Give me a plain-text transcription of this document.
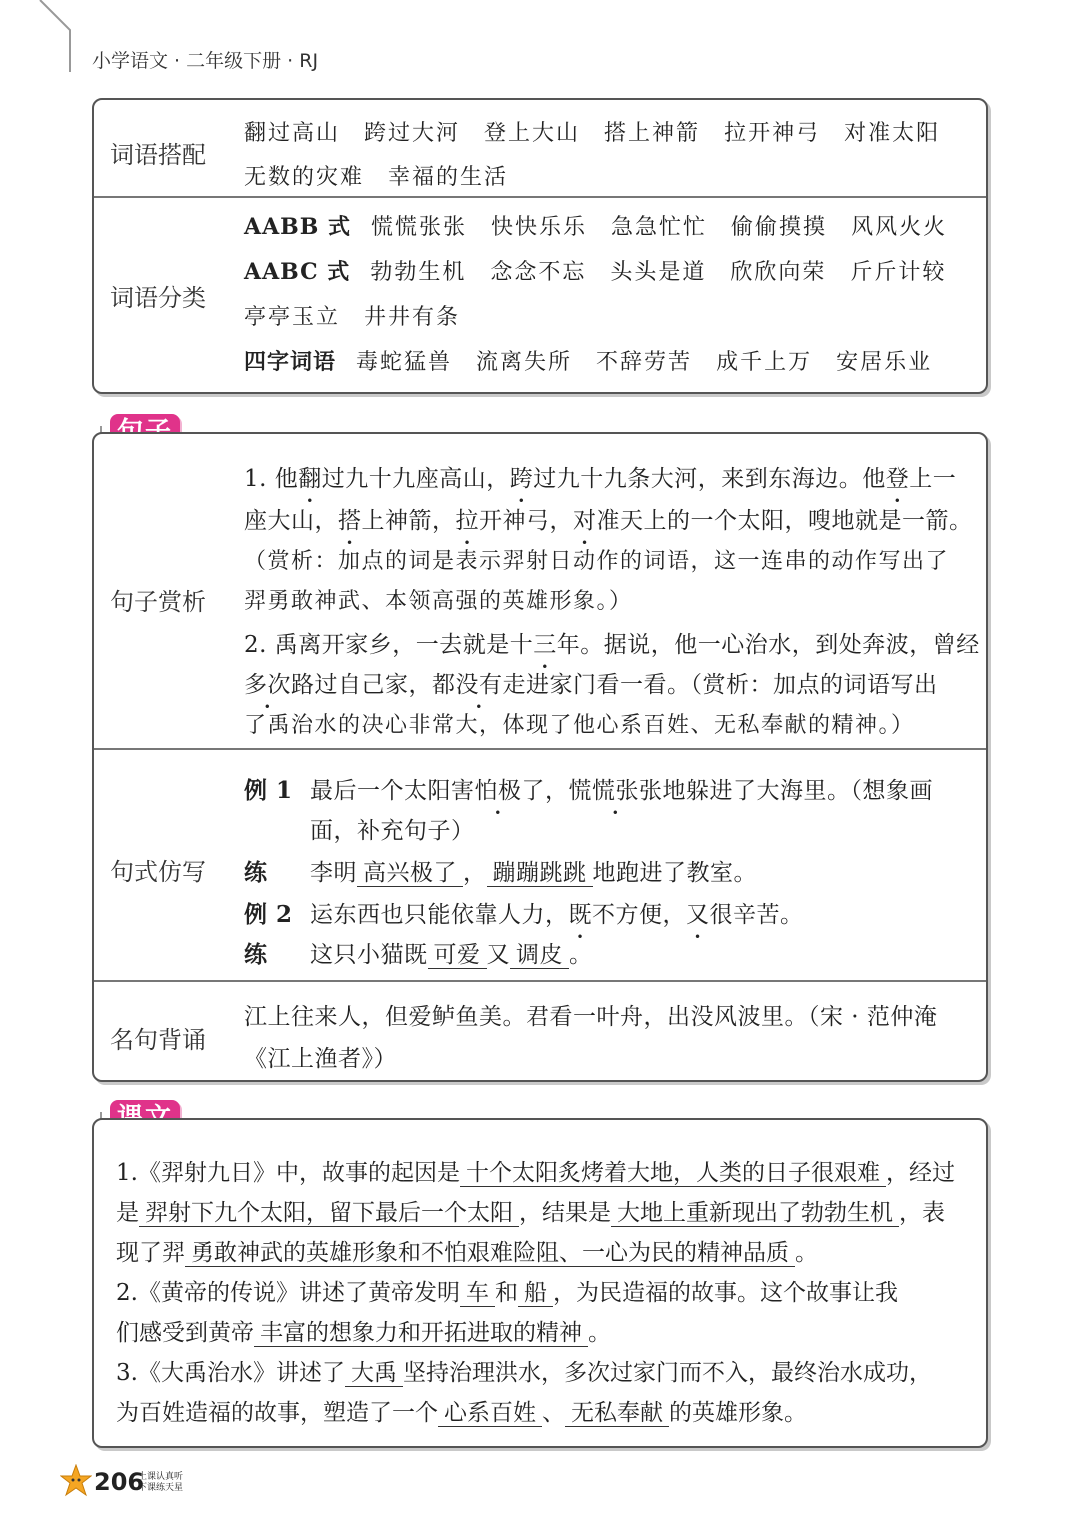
小学语文 · 二年级下册 · RJ
词语搭配
翻过高山 跨过大河 登上大山 搭上神箭 拉开神弓 对准太阳
无数的灾难 幸福的生活
词语分类
AABB 式 慌慌张张 快快乐乐 急急忙忙 偷偷摸摸 风风火火
AABC 式 勃勃生机 念念不忘 头头是道 欣欣向荣 斤斤计较
亭亭玉立 井井有条
四字词语 毒蛇猛兽 流离失所 不辞劳苦 成千上万 安居乐业
句子赏析
1. 他翻过九十九座高山，跨过九十九条大河，来到东海边。他登上一
座大山，搭上神箭，拉开神弓，对准天上的一个太阳，嗖地就是一箭。
（赏析：加点的词是表示羿射日动作的词语，这一连串的动作写出了
羿勇敢神武、本领高强的英雄形象。）
2. 禹离开家乡，一去就是十三年。据说，他一心治水，到处奔波，曾经
多次路过自己家，都没有走进家门看一看。（赏析：加点的词语写出
了禹治水的决心非常大，体现了他心系百姓、无私奉献的精神。）
句式仿写
例 1 最后一个太阳害怕极了，慌慌张张地躲进了大海里。（想象画
面，补充句子）
练 李明 高兴极了 ， 蹦蹦跳跳 地跑进了教室。
例 2 运东西也只能依靠人力，既不方便，又很辛苦。
练 这只小猫既 可爱 又 调皮 。
名句背诵
江上往来人，但爱鲈鱼美。君看一叶舟，出没风波里。（宋 · 范仲淹
《江上渔者》）
1.《羿射九日》中，故事的起因是 十个太阳炙烤着大地，人类的日子很艰难 ，经过
是 羿射下九个太阳，留下最后一个太阳 ，结果是 大地上重新现出了勃勃生机 ，表
现了羿 勇敢神武的英雄形象和不怕艰难险阻、一心为民的精神品质 。
2.《黄帝的传说》讲述了黄帝发明 车 和 船 ，为民造福的故事。这个故事让我
们感受到黄帝 丰富的想象力和开拓进取的精神 。
3.《大禹治水》讲述了 大禹 坚持治理洪水，多次过家门而不入，最终治水成功，
为百姓造福的故事，塑造了一个 心系百姓 、 无私奉献 的英雄形象。
206
上课认真听
下课练天星
